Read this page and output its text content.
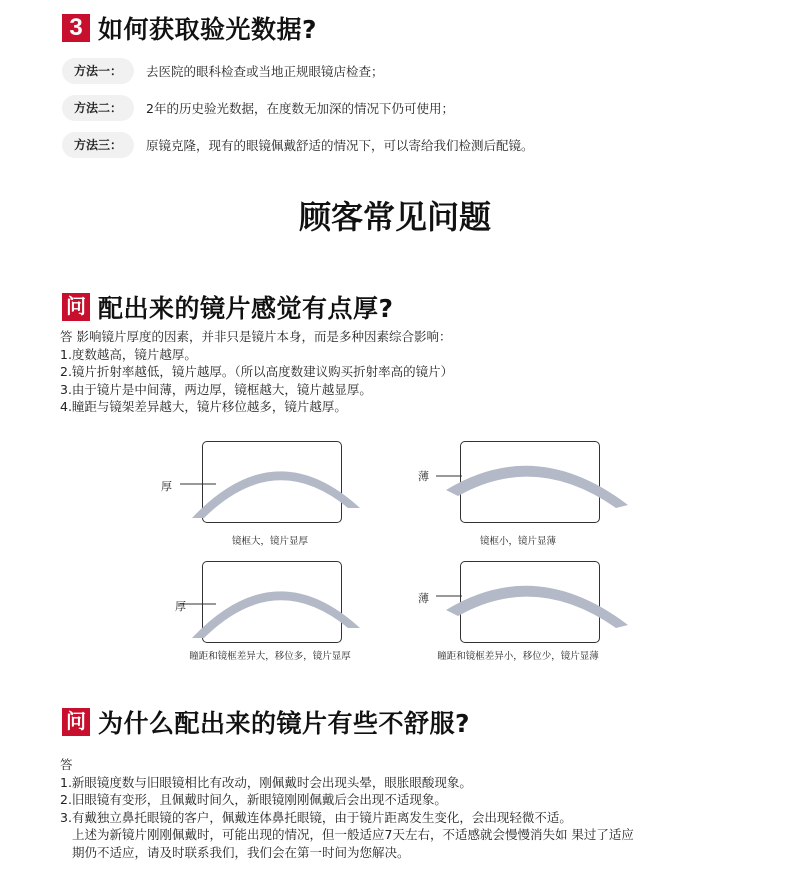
3 如何获取验光数据?
方法一：	去医院的眼科检查或当地正规眼镜店检查；
方法二：	2年的历史验光数据，在度数无加深的情况下仍可使用；
方法三：	原镜克隆，现有的眼镜佩戴舒适的情况下，可以寄给我们检测后配镜。
顾客常见问题
问 配出来的镜片感觉有点厚?
答 影响镜片厚度的因素，并非只是镜片本身，而是多种因素综合影响：
1.度数越高，镜片越厚。
2.镜片折射率越低，镜片越厚。（所以高度数建议购买折射率高的镜片）
3.由于镜片是中间薄，两边厚，镜框越大，镜片越显厚。
4.瞳距与镜架差异越大，镜片移位越多，镜片越厚。
厚
镜框大，镜片显厚
薄
镜框小，镜片显薄
厚
瞳距和镜框差异大，移位多，镜片显厚
薄
瞳距和镜框差异小，移位少，镜片显薄
问 为什么配出来的镜片有些不舒服?
答
1.新眼镜度数与旧眼镜相比有改动，刚佩戴时会出现头晕，眼胀眼酸现象。
2.旧眼镜有变形，且佩戴时间久，新眼镜刚刚佩戴后会出现不适现象。
3.有戴独立鼻托眼镜的客户，佩戴连体鼻托眼镜，由于镜片距离发生变化，会出现轻微不适。
上述为新镜片刚刚佩戴时，可能出现的情况，但一般适应7天左右，不适感就会慢慢消失如 果过了适应
期仍不适应，请及时联系我们，我们会在第一时间为您解决。
